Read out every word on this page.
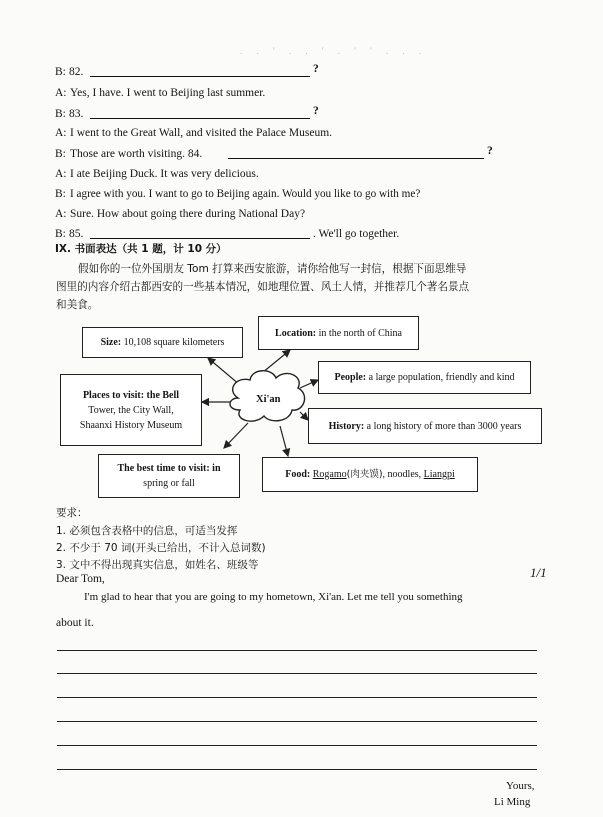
. . ' . . ' . ' ' . . .
B: 82.	?
A: Yes, I have. I went to Beijing last summer.
B: 83.	?
A: I went to the Great Wall, and visited the Palace Museum.
B: Those are worth visiting. 84.	?
A: I ate Beijing Duck. It was very delicious.
B: I agree with you. I want to go to Beijing again. Would you like to go with me?
A: Sure. How about going there during National Day?
B: 85.	. We'll go together.
IX. 书面表达（共 1 题，计 10 分）
假如你的一位外国朋友 Tom 打算来西安旅游，请你给他写一封信，根据下面思维导
图里的内容介绍古都西安的一些基本情况，如地理位置、风土人情，并推荐几个著名景点
和美食。
Xi'an
Size: 10,108 square kilometers
Location: in the north of China
People: a large population, friendly and kind
Places to visit: the Bell
Tower, the City Wall,
Shaanxi History Museum	History: a long history of more than 3000 years
The best time to visit: in
spring or fall
Food: Rogamo(肉夹馍), noodles, Liangpi
要求：
1. 必须包含表格中的信息，可适当发挥
2. 不少于 70 词(开头已给出，不计入总词数)
3. 文中不得出现真实信息，如姓名、班级等	1/1
Dear Tom,
I'm glad to hear that you are going to my hometown, Xi'an. Let me tell you something
about it.
Yours,
Li Ming
